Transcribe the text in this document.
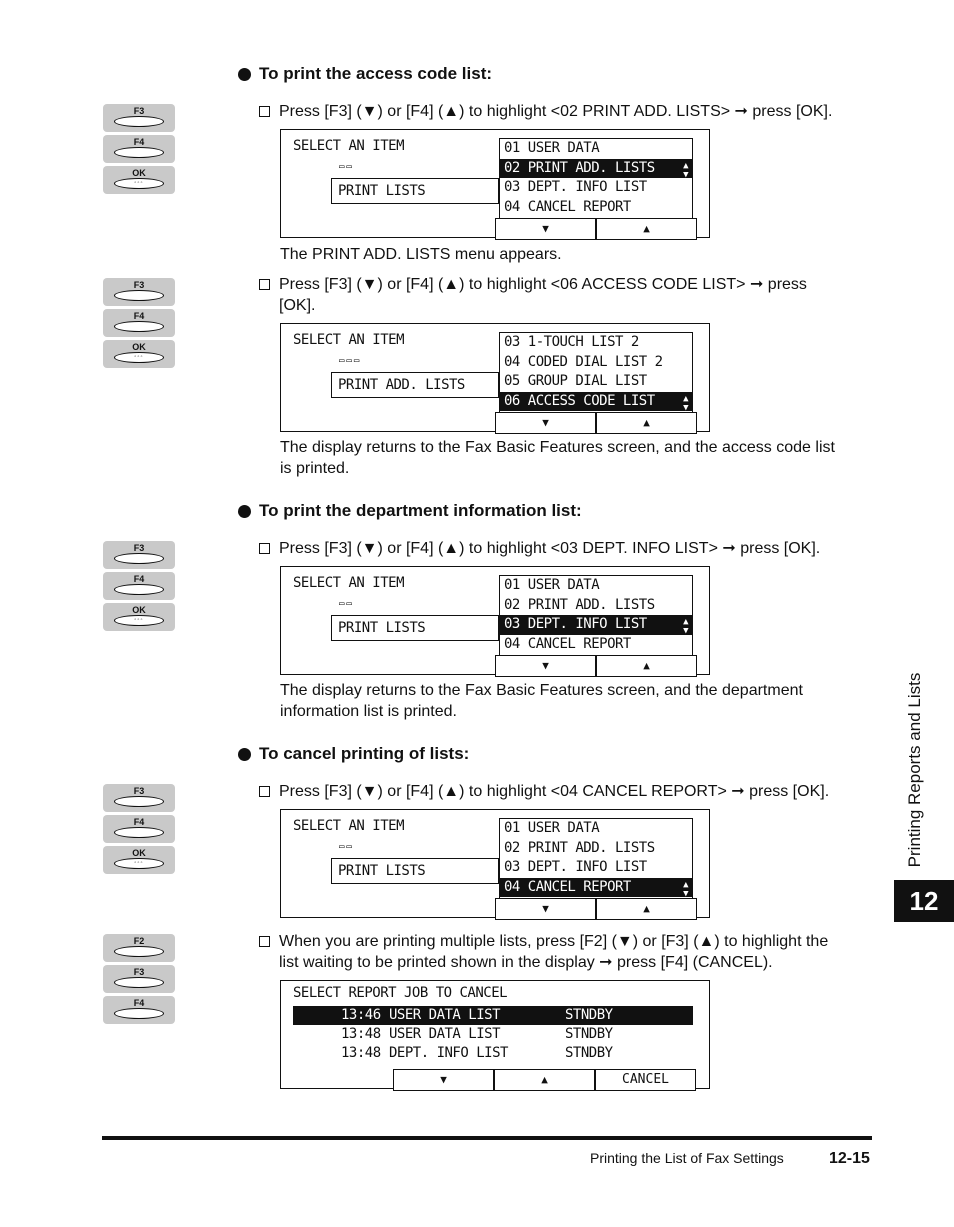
To print the access code list:
F3
F4
OK
◦◦◦
Press [F3] (▼) or [F4] (▲) to highlight <02 PRINT ADD. LISTS> ➞ press [OK].
SELECT AN ITEM
▭▭
PRINT LISTS
01 USER DATA
02 PRINT ADD. LISTS	▲
▼
03 DEPT. INFO LIST
04 CANCEL REPORT
▼	▲
The PRINT ADD. LISTS menu appears.
F3
F4
OK
◦◦◦
Press [F3] (▼) or [F4] (▲) to highlight <06 ACCESS CODE LIST> ➞ press
[OK].
SELECT AN ITEM
▭▭▭
PRINT ADD. LISTS
03 1-TOUCH LIST 2
04 CODED DIAL LIST 2
05 GROUP DIAL LIST
06 ACCESS CODE LIST	▲
▼
▼	▲
The display returns to the Fax Basic Features screen, and the access code list
is printed.
To print the department information list:
F3
F4
OK
◦◦◦
Press [F3] (▼) or [F4] (▲) to highlight <03 DEPT. INFO LIST> ➞ press [OK].
SELECT AN ITEM
▭▭
PRINT LISTS
01 USER DATA
02 PRINT ADD. LISTS
03 DEPT. INFO LIST	▲
▼
04 CANCEL REPORT
▼	▲
The display returns to the Fax Basic Features screen, and the department
information list is printed.
To cancel printing of lists:
F3
F4
OK
◦◦◦
Press [F3] (▼) or [F4] (▲) to highlight <04 CANCEL REPORT> ➞ press [OK].
SELECT AN ITEM
▭▭
PRINT LISTS
01 USER DATA
02 PRINT ADD. LISTS
03 DEPT. INFO LIST
04 CANCEL REPORT	▲
▼
▼	▲
F2
F3
F4
When you are printing multiple lists, press [F2] (▼) or [F3] (▲) to highlight the
list waiting to be printed shown in the display ➞ press [F4] (CANCEL).
SELECT REPORT JOB TO CANCEL
13:46 USER DATA LIST	STNDBY
13:48 USER DATA LIST	STNDBY
13:48 DEPT. INFO LIST	STNDBY
▼	▲	CANCEL
Printing Reports and Lists
12
Printing the List of Fax Settings	12-15
